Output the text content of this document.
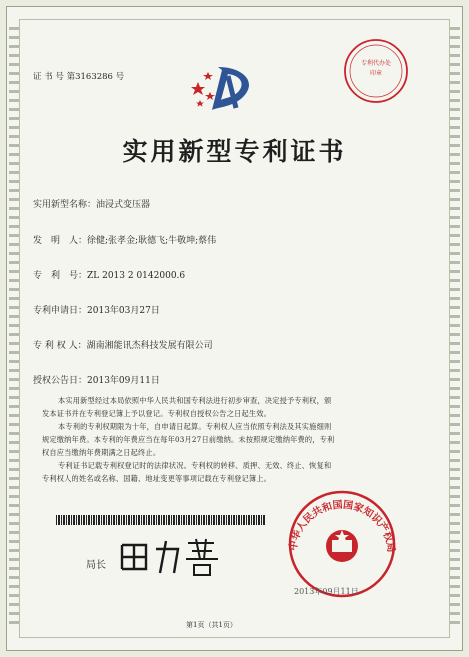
证 书 号 第3163286 号
专利代办处
印章
实用新型专利证书
实用新型名称：油浸式变压器
发　明　人：徐健;张孝金;耿德飞;牛敬坤;蔡伟
专　利　号：ZL 2013 2 0142000.6
专利申请日：2013年03月27日
专 利 权 人：湖南湘能讯杰科技发展有限公司
授权公告日：2013年09月11日
本实用新型经过本局依照中华人民共和国专利法进行初步审查，决定授予专利权，颁
发本证书并在专利登记簿上予以登记。专利权自授权公告之日起生效。
本专利的专利权期限为十年，自申请日起算。专利权人应当依照专利法及其实施细则
规定缴纳年费。本专利的年费应当在每年03月27日前缴纳。未按照规定缴纳年费的，专利
权自应当缴纳年费期满之日起终止。
专利证书记载专利权登记时的法律状况。专利权的转移、质押、无效、终止、恢复和
专利权人的姓名或名称、国籍、地址变更等事项记载在专利登记簿上。
局长
中华人民共和国国家知识产权局
2013年09月11日
第1页（共1页）
